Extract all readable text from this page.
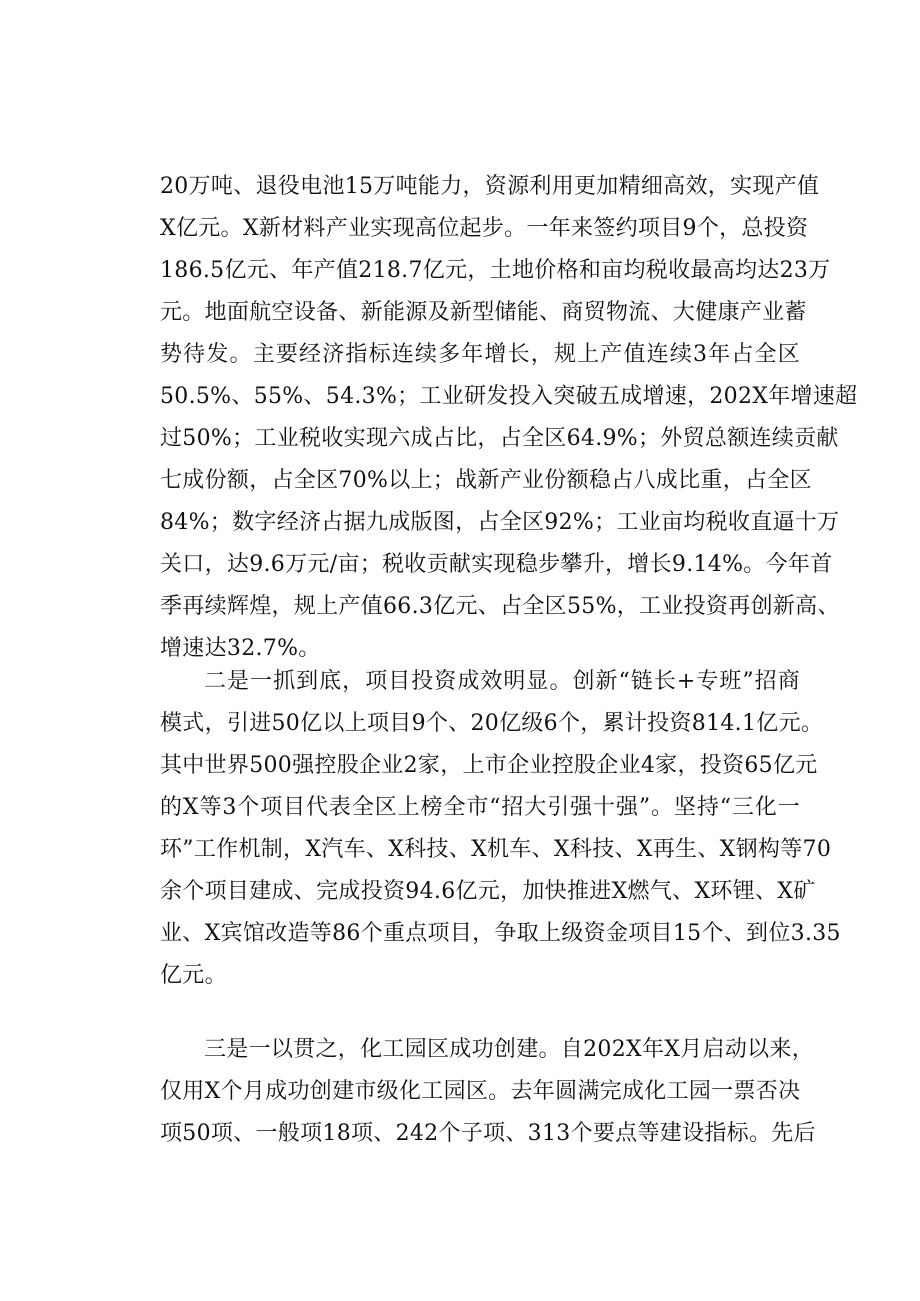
20万吨、退役电池15万吨能力，资源利用更加精细高效，实现产值
X亿元。X新材料产业实现高位起步。一年来签约项目9个，总投资
186.5亿元、年产值218.7亿元，土地价格和亩均税收最高均达23万
元。地面航空设备、新能源及新型储能、商贸物流、大健康产业蓄
势待发。主要经济指标连续多年增长，规上产值连续3年占全区
50.5%、55%、54.3%；工业研发投入突破五成增速，202X年增速超
过50%；工业税收实现六成占比，占全区64.9%；外贸总额连续贡献
七成份额，占全区70%以上；战新产业份额稳占八成比重，占全区
84%；数字经济占据九成版图，占全区92%；工业亩均税收直逼十万
关口，达9.6万元/亩；税收贡献实现稳步攀升，增长9.14%。今年首
季再续辉煌，规上产值66.3亿元、占全区55%，工业投资再创新高、
增速达32.7%。
二是一抓到底，项目投资成效明显。创新“链长+专班”招商
模式，引进50亿以上项目9个、20亿级6个，累计投资814.1亿元。
其中世界500强控股企业2家，上市企业控股企业4家，投资65亿元
的X等3个项目代表全区上榜全市“招大引强十强”。坚持“三化一
环”工作机制，X汽车、X科技、X机车、X科技、X再生、X钢构等70
余个项目建成、完成投资94.6亿元，加快推进X燃气、X环锂、X矿
业、X宾馆改造等86个重点项目，争取上级资金项目15个、到位3.35
亿元。
三是一以贯之，化工园区成功创建。自202X年X月启动以来，
仅用X个月成功创建市级化工园区。去年圆满完成化工园一票否决
项50项、一般项18项、242个子项、313个要点等建设指标。先后
